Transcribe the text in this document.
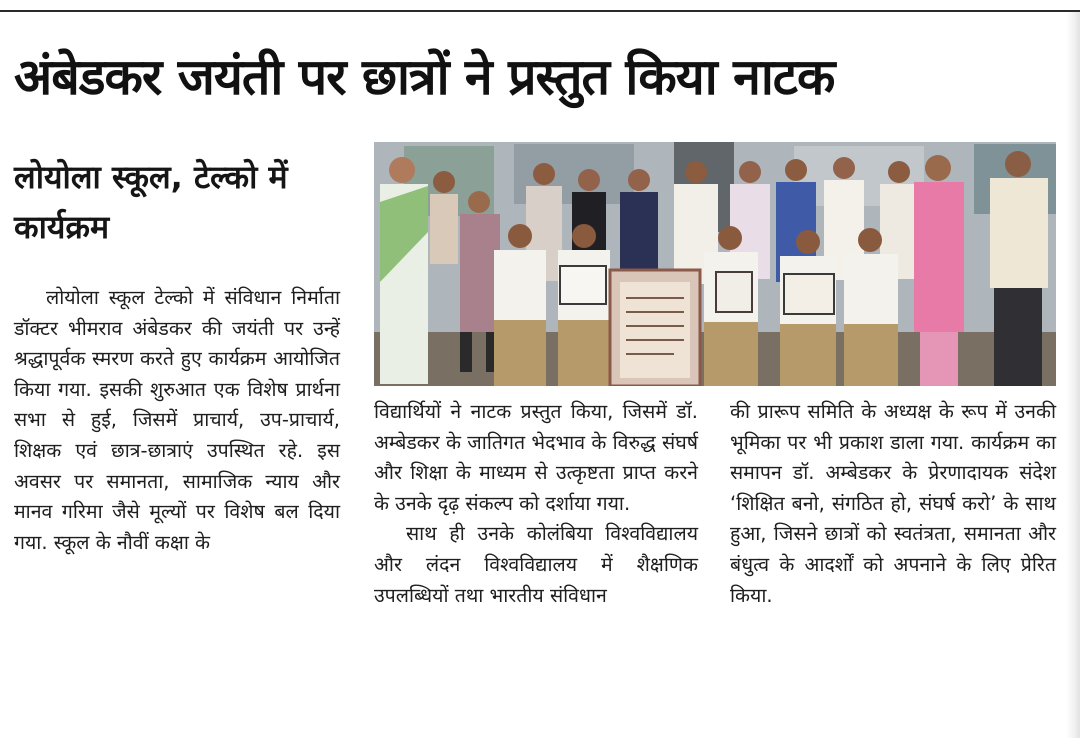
अंबेडकर जयंती पर छात्रों ने प्रस्तुत किया नाटक
लोयोला स्कूल, टेल्को में कार्यक्रम

लोयोला स्कूल टेल्को में संविधान निर्माता डॉक्टर भीमराव अंबेडकर की जयंती पर उन्हें श्रद्धापूर्वक स्मरण करते हुए कार्यक्रम आयोजित किया गया. इसकी शुरुआत एक विशेष प्रार्थना सभा से हुई, जिसमें प्राचार्य, उप-प्राचार्य, शिक्षक एवं छात्र-छात्राएं उपस्थित रहे. इस अवसर पर समानता, सामाजिक न्याय और मानव गरिमा जैसे मूल्यों पर विशेष बल दिया गया. स्कूल के नौवीं कक्षा के

विद्यार्थियों ने नाटक प्रस्तुत किया, जिसमें डॉ. अम्बेडकर के जातिगत भेदभाव के विरुद्ध संघर्ष और शिक्षा के माध्यम से उत्कृष्टता प्राप्त करने के उनके दृढ़ संकल्प को दर्शाया गया.

साथ ही उनके कोलंबिया विश्वविद्यालय और लंदन विश्वविद्यालय में शैक्षणिक उपलब्धियों तथा भारतीय संविधान

की प्रारूप समिति के अध्यक्ष के रूप में उनकी भूमिका पर भी प्रकाश डाला गया. कार्यक्रम का समापन डॉ. अम्बेडकर के प्रेरणादायक संदेश ‘शिक्षित बनो, संगठित हो, संघर्ष करो’ के साथ हुआ, जिसने छात्रों को स्वतंत्रता, समानता और बंधुत्व के आदर्शों को अपनाने के लिए प्रेरित किया.
